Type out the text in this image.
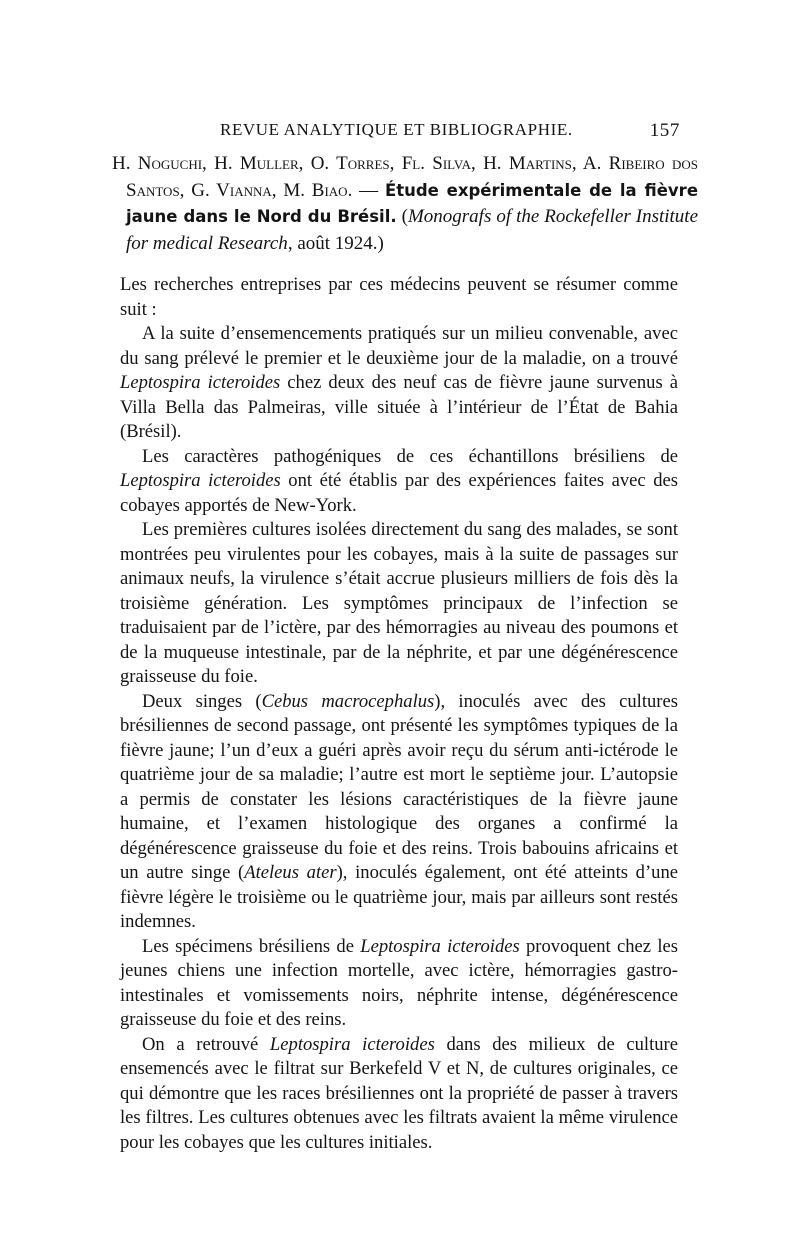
REVUE ANALYTIQUE ET BIBLIOGRAPHIE.	157
H. Noguchi, H. Muller, O. Torres, Fl. Silva, H. Martins, A. Ribeiro dos Santos, G. Vianna, M. Biao. — Étude expérimentale de la fièvre jaune dans le Nord du Brésil. (Monografs of the Rockefeller Institute for medical Research, août 1924.)

Les recherches entreprises par ces médecins peuvent se résumer comme suit :

A la suite d’ensemencements pratiqués sur un milieu convenable, avec du sang prélevé le premier et le deuxième jour de la maladie, on a trouvé Leptospira icteroides chez deux des neuf cas de fièvre jaune survenus à Villa Bella das Palmeiras, ville située à l’intérieur de l’État de Bahia (Brésil).

Les caractères pathogéniques de ces échantillons brésiliens de Leptospira icteroides ont été établis par des expériences faites avec des cobayes apportés de New-York.

Les premières cultures isolées directement du sang des malades, se sont montrées peu virulentes pour les cobayes, mais à la suite de passages sur animaux neufs, la virulence s’était accrue plusieurs milliers de fois dès la troisième génération. Les symptômes principaux de l’infection se traduisaient par de l’ictère, par des hémorragies au niveau des poumons et de la muqueuse intestinale, par de la néphrite, et par une dégénérescence graisseuse du foie.

Deux singes (Cebus macrocephalus), inoculés avec des cultures brésiliennes de second passage, ont présenté les symptômes typiques de la fièvre jaune; l’un d’eux a guéri après avoir reçu du sérum anti-ictérode le quatrième jour de sa maladie; l’autre est mort le septième jour. L’autopsie a permis de constater les lésions caractéristiques de la fièvre jaune humaine, et l’examen histologique des organes a confirmé la dégénérescence graisseuse du foie et des reins. Trois babouins africains et un autre singe (Ateleus ater), inoculés également, ont été atteints d’une fièvre légère le troisième ou le quatrième jour, mais par ailleurs sont restés indemnes.

Les spécimens brésiliens de Leptospira icteroides provoquent chez les jeunes chiens une infection mortelle, avec ictère, hémorragies gastro-intestinales et vomissements noirs, néphrite intense, dégénérescence graisseuse du foie et des reins.

On a retrouvé Leptospira icteroides dans des milieux de culture ensemencés avec le filtrat sur Berkefeld V et N, de cultures originales, ce qui démontre que les races brésiliennes ont la propriété de passer à travers les filtres. Les cultures obtenues avec les filtrats avaient la même virulence pour les cobayes que les cultures initiales.
